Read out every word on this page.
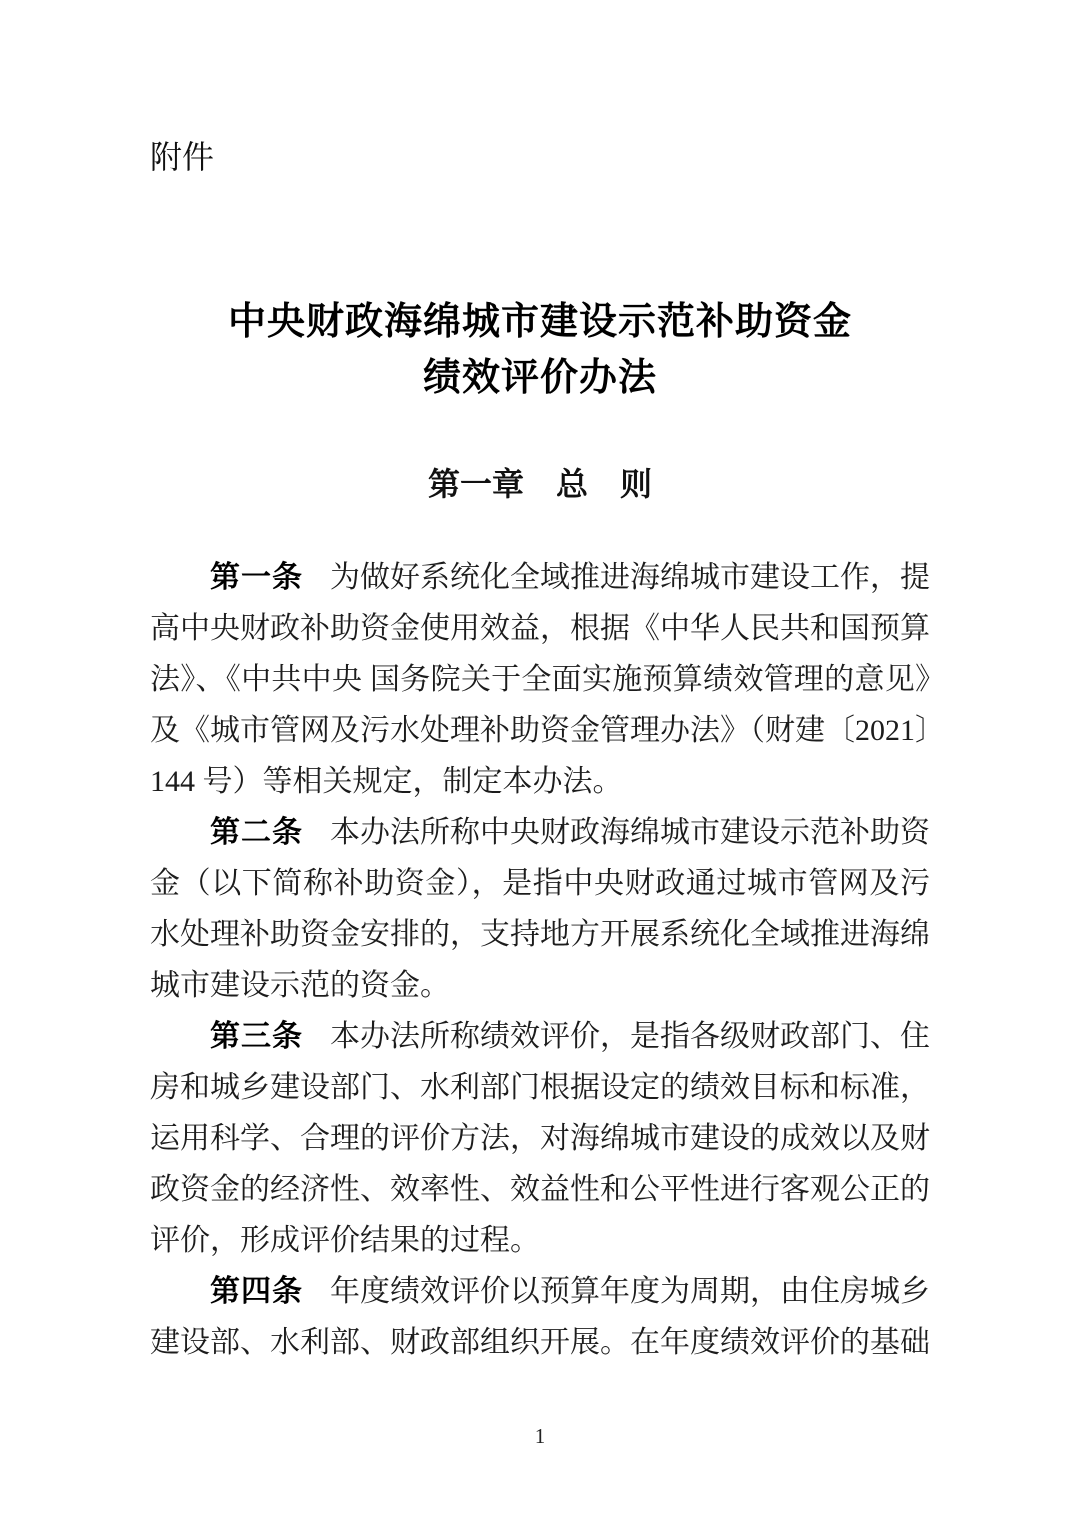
附件
中央财政海绵城市建设示范补助资金
绩效评价办法
第一章　总　则

第一条 为做好系统化全域推进海绵城市建设工作，提高中央财政补助资金使用效益，根据《中华人民共和国预算法》、《中共中央 国务院关于全面实施预算绩效管理的意见》及《城市管网及污水处理补助资金管理办法》（财建〔2021〕144 号）等相关规定，制定本办法。

第二条 本办法所称中央财政海绵城市建设示范补助资金（以下简称补助资金），是指中央财政通过城市管网及污水处理补助资金安排的，支持地方开展系统化全域推进海绵城市建设示范的资金。

第三条 本办法所称绩效评价，是指各级财政部门、住房和城乡建设部门、水利部门根据设定的绩效目标和标准，运用科学、合理的评价方法，对海绵城市建设的成效以及财政资金的经济性、效率性、效益性和公平性进行客观公正的评价，形成评价结果的过程。

第四条 年度绩效评价以预算年度为周期，由住房城乡建设部、水利部、财政部组织开展。在年度绩效评价的基础

1
